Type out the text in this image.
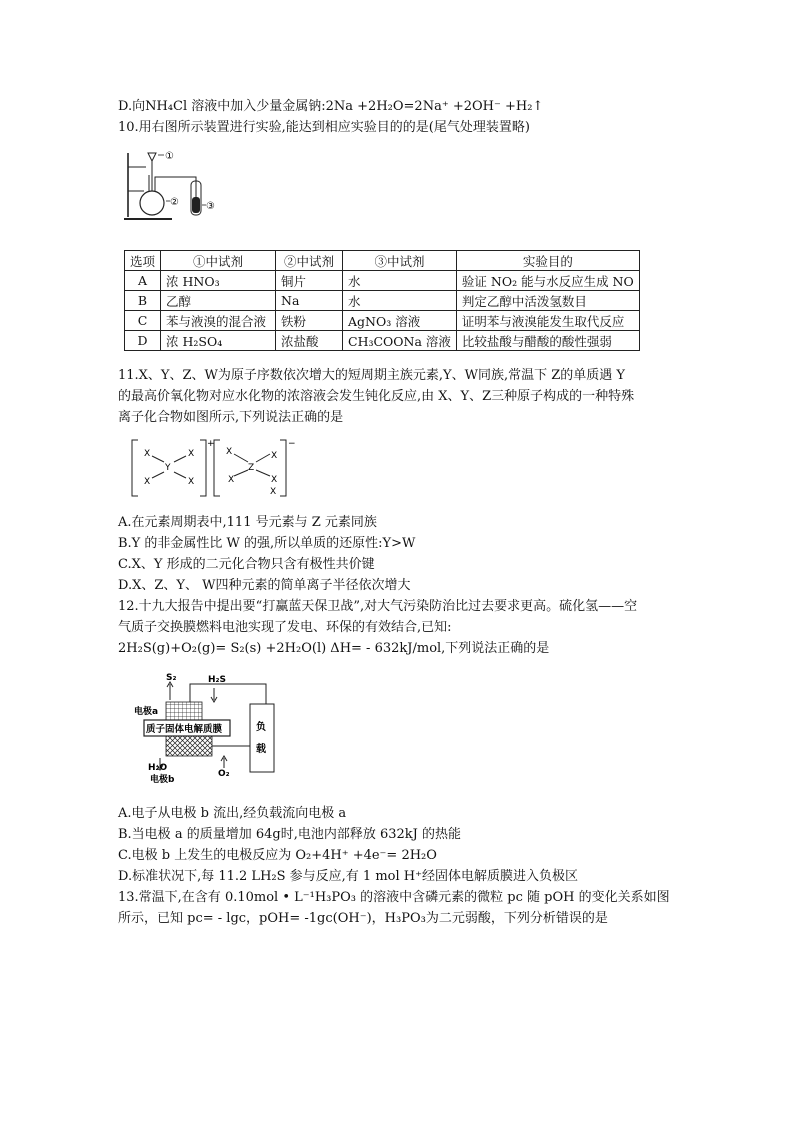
D.向NH₄Cl 溶液中加入少量金属钠:2Na +2H₂O=2Na⁺ +2OH⁻ +H₂↑
10.用右图所示装置进行实验,能达到相应实验目的的是(尾气处理装置略)
①
②	③
选项	①中试剂	②中试剂	③中试剂	实验目的
A	浓 HNO₃	铜片	水	验证 NO₂ 能与水反应生成 NO
B	乙醇	Na	水	判定乙醇中活泼氢数目
C	苯与液溴的混合液	铁粉	AgNO₃ 溶液	证明苯与液溴能发生取代反应
D	浓 H₂SO₄	浓盐酸	CH₃COONa 溶液	比较盐酸与醋酸的酸性强弱
11.X、Y、Z、W为原子序数依次增大的短周期主族元素,Y、W同族,常温下 Z的单质遇 Y
的最高价氧化物对应水化物的浓溶液会发生钝化反应,由 X、Y、Z三种原子构成的一种特殊
离子化合物如图所示,下列说法正确的是
X	X
X	X
Y
X	X
X	X
Z
X
+	−
A.在元素周期表中,111 号元素与 Z 元素同族
B.Y 的非金属性比 W 的强,所以单质的还原性:Y>W
C.X、Y 形成的二元化合物只含有极性共价键
D.X、Z、Y、 W四种元素的简单离子半径依次增大
12.十九大报告中提出要“打赢蓝天保卫战”,对大气污染防治比过去要求更高。硫化氢——空
气质子交换膜燃料电池实现了发电、环保的有效结合,已知:
2H₂S(g)+O₂(g)= S₂(s) +2H₂O(l) ΔH= - 632kJ/mol,下列说法正确的是
S₂	H₂S
电极a
质子固体电解质膜	负
载
H₂O
O₂
电极b
A.电子从电极 b 流出,经负载流向电极 a
B.当电极 a 的质量增加 64g时,电池内部释放 632kJ 的热能
C.电极 b 上发生的电极反应为 O₂+4H⁺ +4e⁻= 2H₂O
D.标准状况下,每 11.2 LH₂S 参与反应,有 1 mol H⁺经固体电解质膜进入负极区
13.常温下,在含有 0.10mol • L⁻¹H₃PO₃ 的溶液中含磷元素的微粒 pc 随 pOH 的变化关系如图
所示，已知 pc= - lgc，pOH= -1gc(OH⁻)，H₃PO₃为二元弱酸，下列分析错误的是
